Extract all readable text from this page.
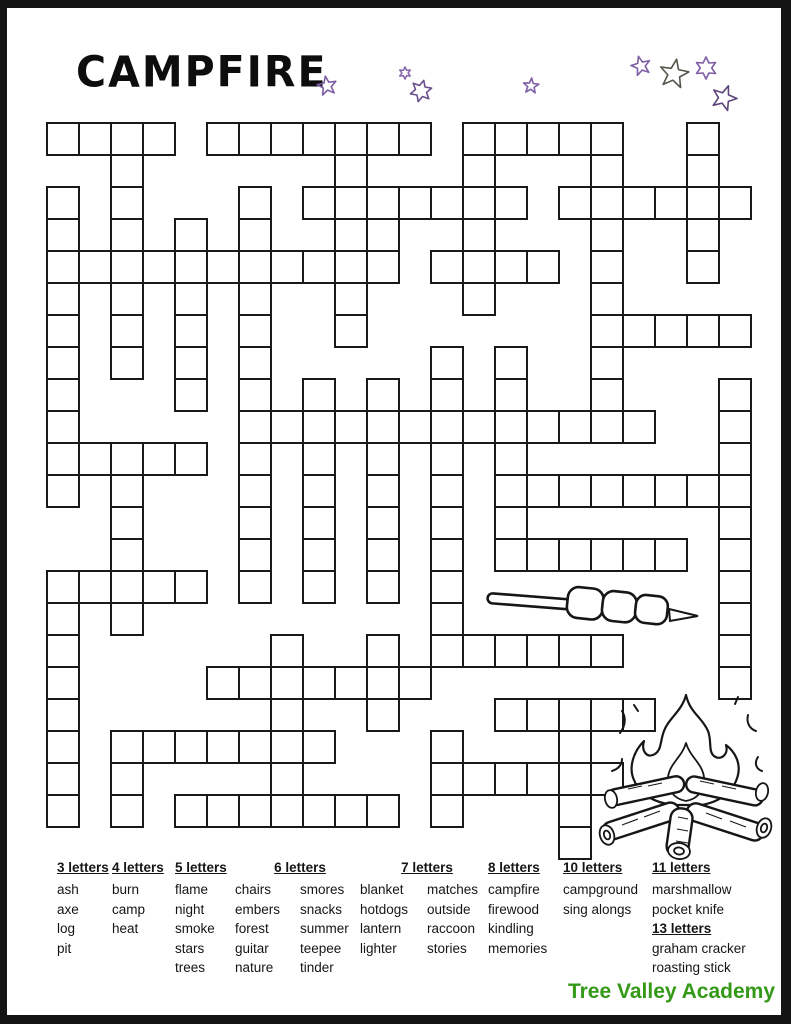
CAMPFIRE
3 letters
ash
axe
log
pit
4 letters
burn
camp
heat
5 letters
flame
night
smoke
stars
trees
6 letters
chairs
embers
forest
guitar
nature
smores
snacks
summer
teepee
tinder
7 letters
blanket
hotdogs
lantern
lighter
matches
outside
raccoon
stories
8 letters
campfire
firewood
kindling
memories
10 letters
campground
sing alongs
11 letters
marshmallow
pocket knife
13 letters
graham cracker
roasting stick
Tree Valley Academy
